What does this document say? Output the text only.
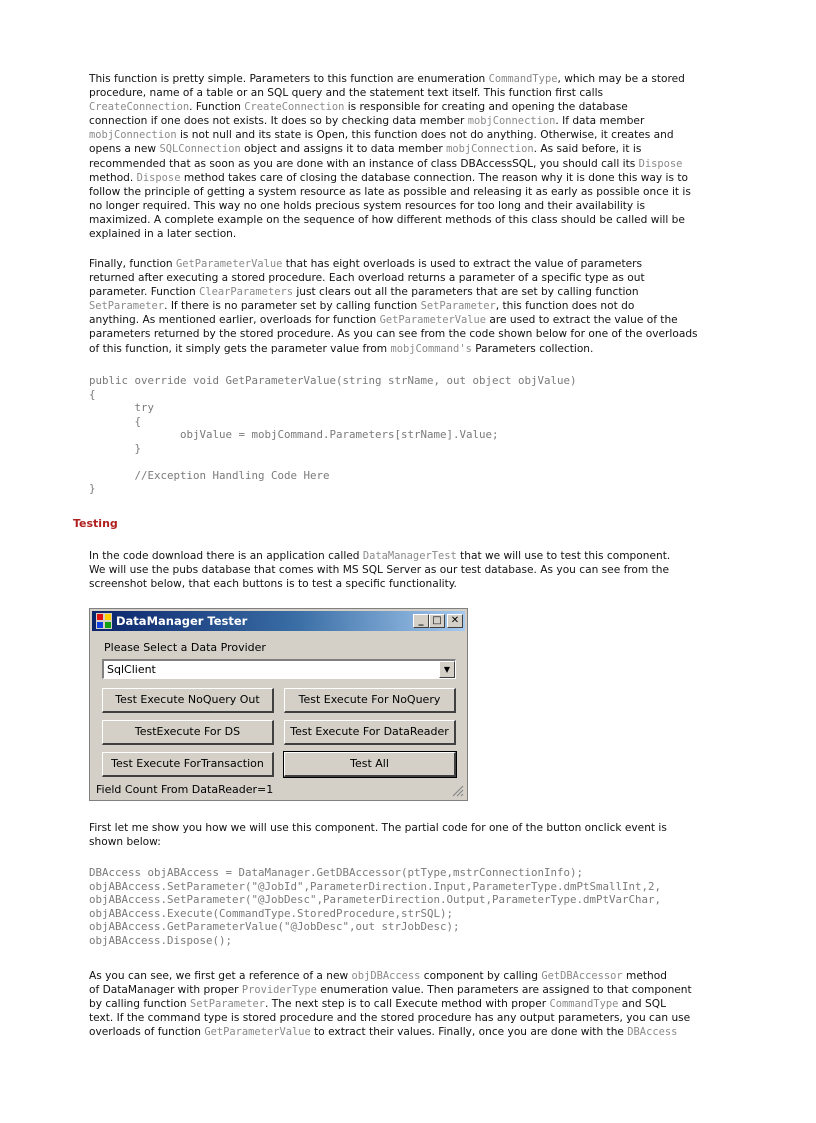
This function is pretty simple. Parameters to this function are enumeration CommandType, which may be a stored
procedure, name of a table or an SQL query and the statement text itself. This function first calls
CreateConnection. Function CreateConnection is responsible for creating and opening the database
connection if one does not exists. It does so by checking data member mobjConnection. If data member
mobjConnection is not null and its state is Open, this function does not do anything. Otherwise, it creates and
opens a new SQLConnection object and assigns it to data member mobjConnection. As said before, it is
recommended that as soon as you are done with an instance of class DBAccessSQL, you should call its Dispose
method. Dispose method takes care of closing the database connection. The reason why it is done this way is to
follow the principle of getting a system resource as late as possible and releasing it as early as possible once it is
no longer required. This way no one holds precious system resources for too long and their availability is
maximized. A complete example on the sequence of how different methods of this class should be called will be
explained in a later section.
Finally, function GetParameterValue that has eight overloads is used to extract the value of parameters
returned after executing a stored procedure. Each overload returns a parameter of a specific type as out
parameter. Function ClearParameters just clears out all the parameters that are set by calling function
SetParameter. If there is no parameter set by calling function SetParameter, this function does not do
anything. As mentioned earlier, overloads for function GetParameterValue are used to extract the value of the
parameters returned by the stored procedure. As you can see from the code shown below for one of the overloads
of this function, it simply gets the parameter value from mobjCommand's Parameters collection.
public override void GetParameterValue(string strName, out object objValue)
{
try
{
objValue = mobjCommand.Parameters[strName].Value;
}

//Exception Handling Code Here
}
Testing
In the code download there is an application called DataManagerTest that we will use to test this component.
We will use the pubs database that comes with MS SQL Server as our test database. As you can see from the
screenshot below, that each buttons is to test a specific functionality.
DataManager Tester	_ □ ✕
Please Select a Data Provider
SqlClient	▼
Test Execute NoQuery Out	Test Execute For NoQuery
TestExecute For DS	Test Execute For DataReader
Test Execute ForTransaction	Test All
Field Count From DataReader=1
First let me show you how we will use this component. The partial code for one of the button onclick event is
shown below:
DBAccess objABAccess = DataManager.GetDBAccessor(ptType,mstrConnectionInfo);
objABAccess.SetParameter("@JobId",ParameterDirection.Input,ParameterType.dmPtSmallInt,2,
objABAccess.SetParameter("@JobDesc",ParameterDirection.Output,ParameterType.dmPtVarChar,
objABAccess.Execute(CommandType.StoredProcedure,strSQL);
objABAccess.GetParameterValue("@JobDesc",out strJobDesc);
objABAccess.Dispose();
As you can see, we first get a reference of a new objDBAccess component by calling GetDBAccessor method
of DataManager with proper ProviderType enumeration value. Then parameters are assigned to that component
by calling function SetParameter. The next step is to call Execute method with proper CommandType and SQL
text. If the command type is stored procedure and the stored procedure has any output parameters, you can use
overloads of function GetParameterValue to extract their values. Finally, once you are done with the DBAccess
